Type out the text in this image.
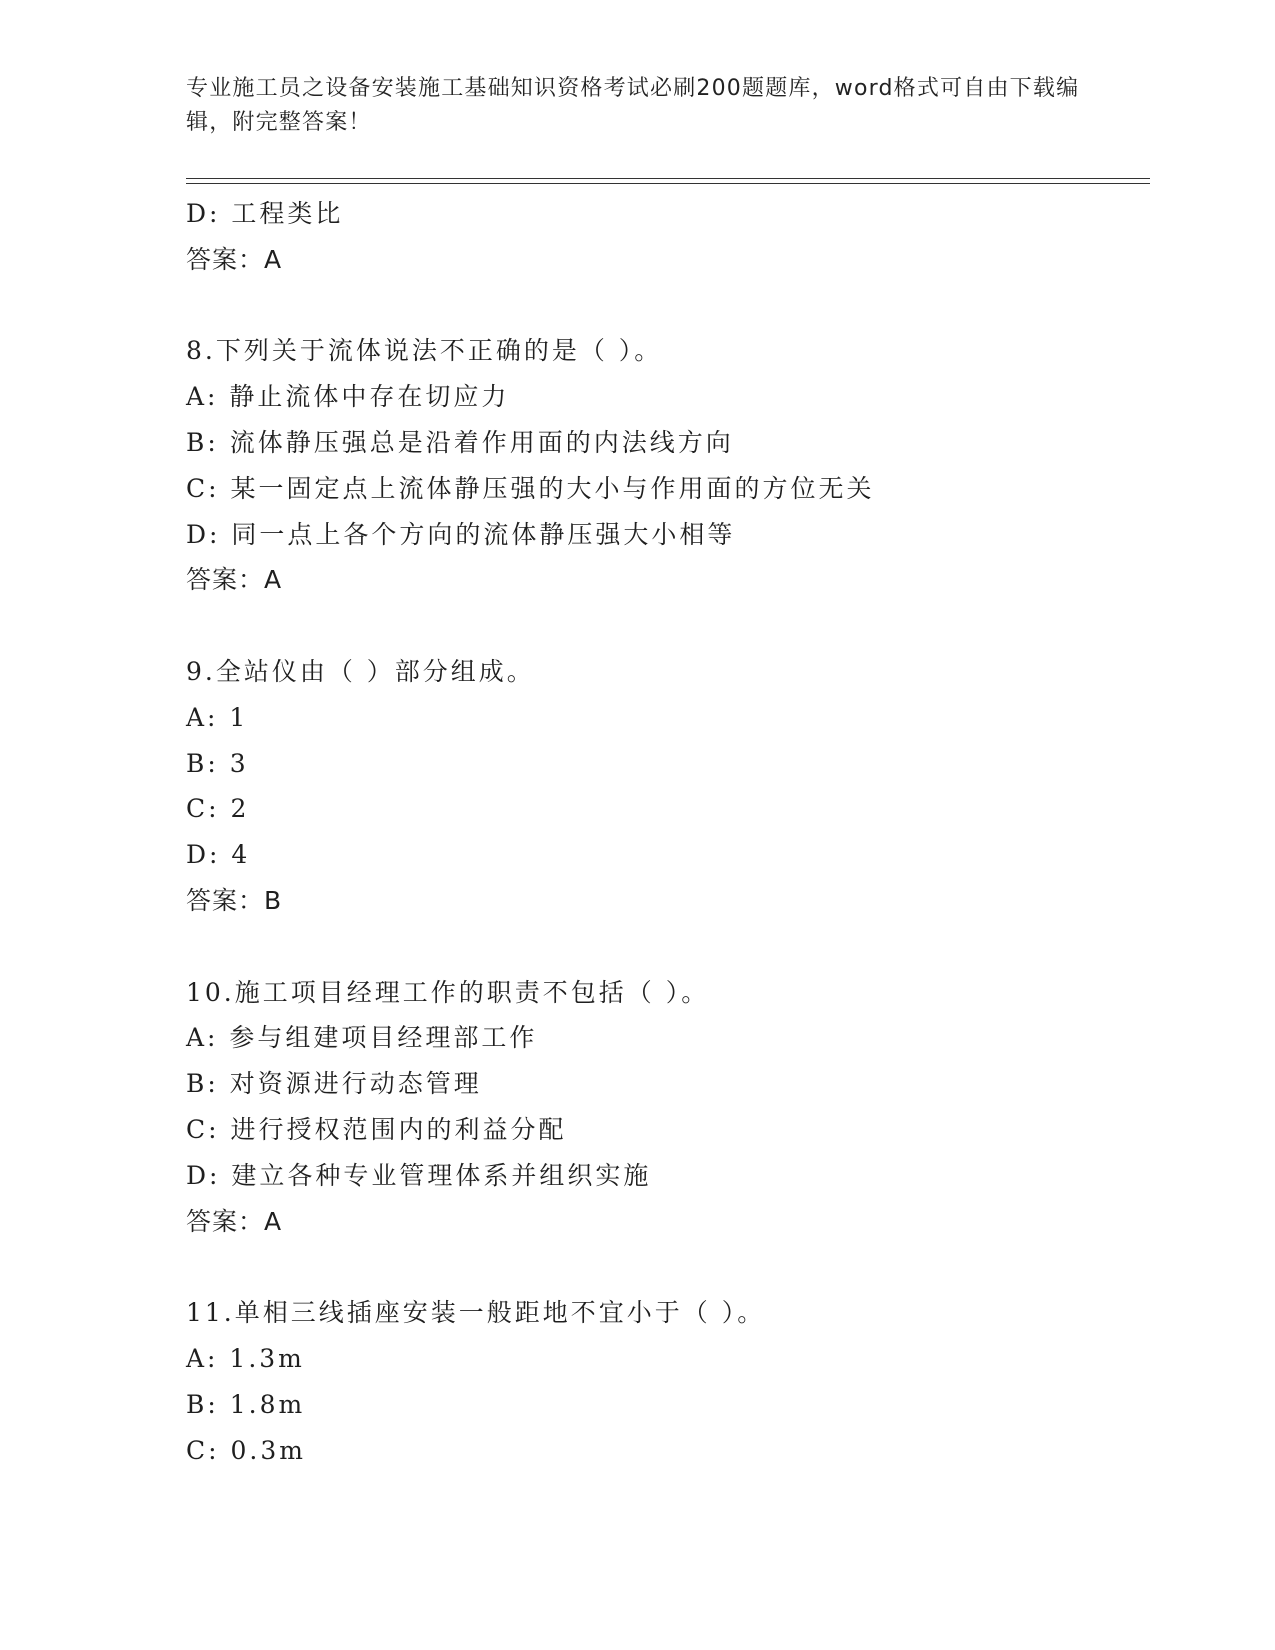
专业施工员之设备安装施工基础知识资格考试必刷200题题库，word格式可自由下载编辑，附完整答案！
D: 工程类比
答案：A
8.下列关于流体说法不正确的是（ ）。
A: 静止流体中存在切应力
B: 流体静压强总是沿着作用面的内法线方向
C: 某一固定点上流体静压强的大小与作用面的方位无关
D: 同一点上各个方向的流体静压强大小相等
答案：A
9.全站仪由（ ）部分组成。
A: 1
B: 3
C: 2
D: 4
答案：B
10.施工项目经理工作的职责不包括（ ）。
A: 参与组建项目经理部工作
B: 对资源进行动态管理
C: 进行授权范围内的利益分配
D: 建立各种专业管理体系并组织实施
答案：A
11.单相三线插座安装一般距地不宜小于（ ）。
A: 1.3m
B: 1.8m
C: 0.3m
